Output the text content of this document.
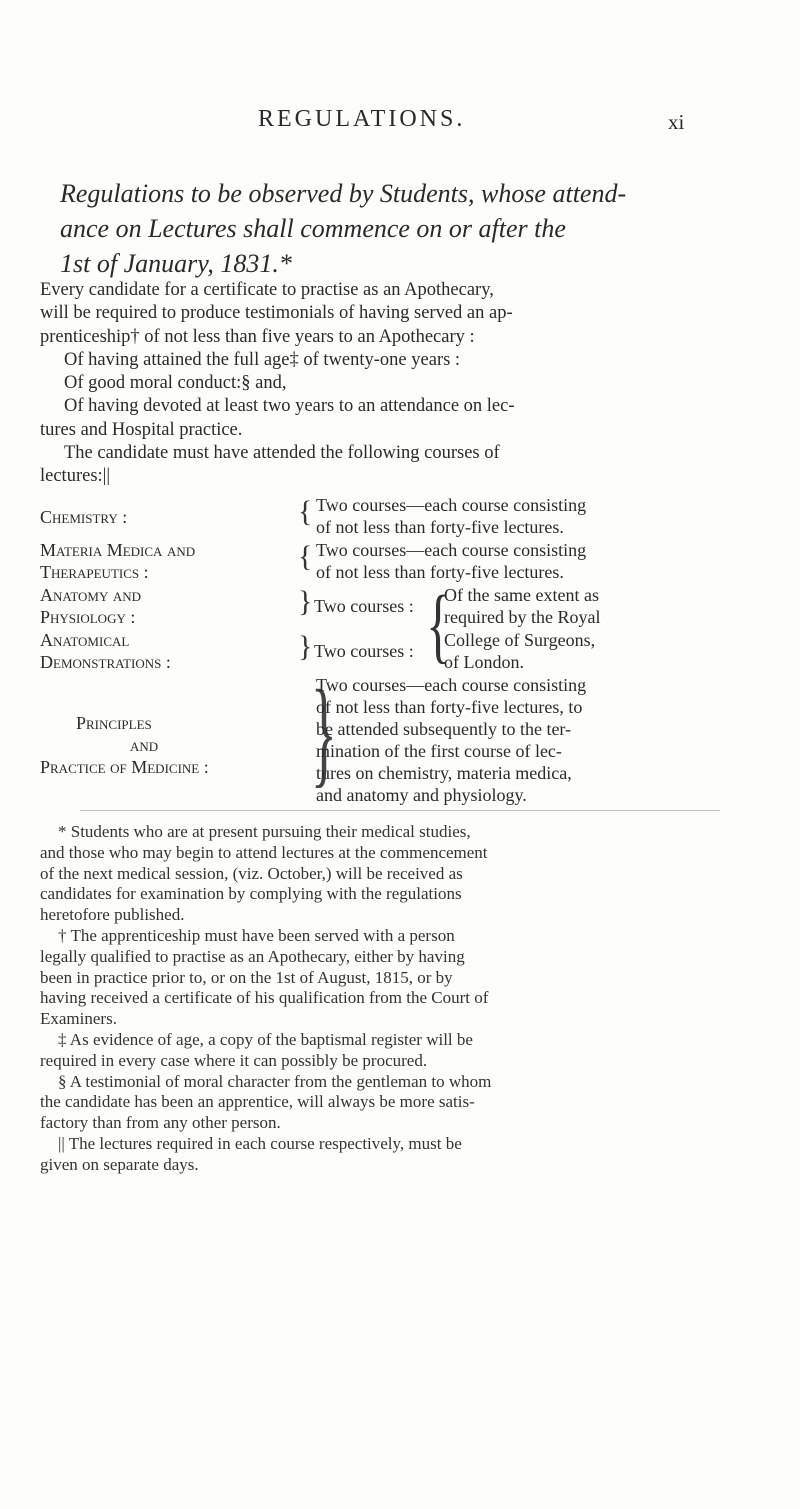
REGULATIONS.	xi
Regulations to be observed by Students, whose attend-
ance on Lectures shall commence on or after the
1st of January, 1831.*
Every candidate for a certificate to practise as an Apothecary,
will be required to produce testimonials of having served an ap-
prenticeship† of not less than five years to an Apothecary :
Of having attained the full age‡ of twenty-one years :
Of good moral conduct:§ and,
Of having devoted at least two years to an attendance on lec-
tures and Hospital practice.
The candidate must have attended the following courses of
lectures:||
Chemistry :	{ Two courses—each course consisting
of not less than forty-five lectures.
Materia Medica and
Therapeutics :	{ Two courses—each course consisting
of not less than forty-five lectures.
Anatomy and
Physiology :	} Two courses :
Anatomical
Demonstrations :	} Two courses : {
Of the same extent as
required by the Royal
College of Surgeons,
of London.
Principles
and
Practice of Medicine : }
Two courses—each course consisting
of not less than forty-five lectures, to
be attended subsequently to the ter-
mination of the first course of lec-
tures on chemistry, materia medica,
and anatomy and physiology.
* Students who are at present pursuing their medical studies,
and those who may begin to attend lectures at the commencement
of the next medical session, (viz. October,) will be received as
candidates for examination by complying with the regulations
heretofore published.
† The apprenticeship must have been served with a person
legally qualified to practise as an Apothecary, either by having
been in practice prior to, or on the 1st of August, 1815, or by
having received a certificate of his qualification from the Court of
Examiners.
‡ As evidence of age, a copy of the baptismal register will be
required in every case where it can possibly be procured.
§ A testimonial of moral character from the gentleman to whom
the candidate has been an apprentice, will always be more satis-
factory than from any other person.
|| The lectures required in each course respectively, must be
given on separate days.
